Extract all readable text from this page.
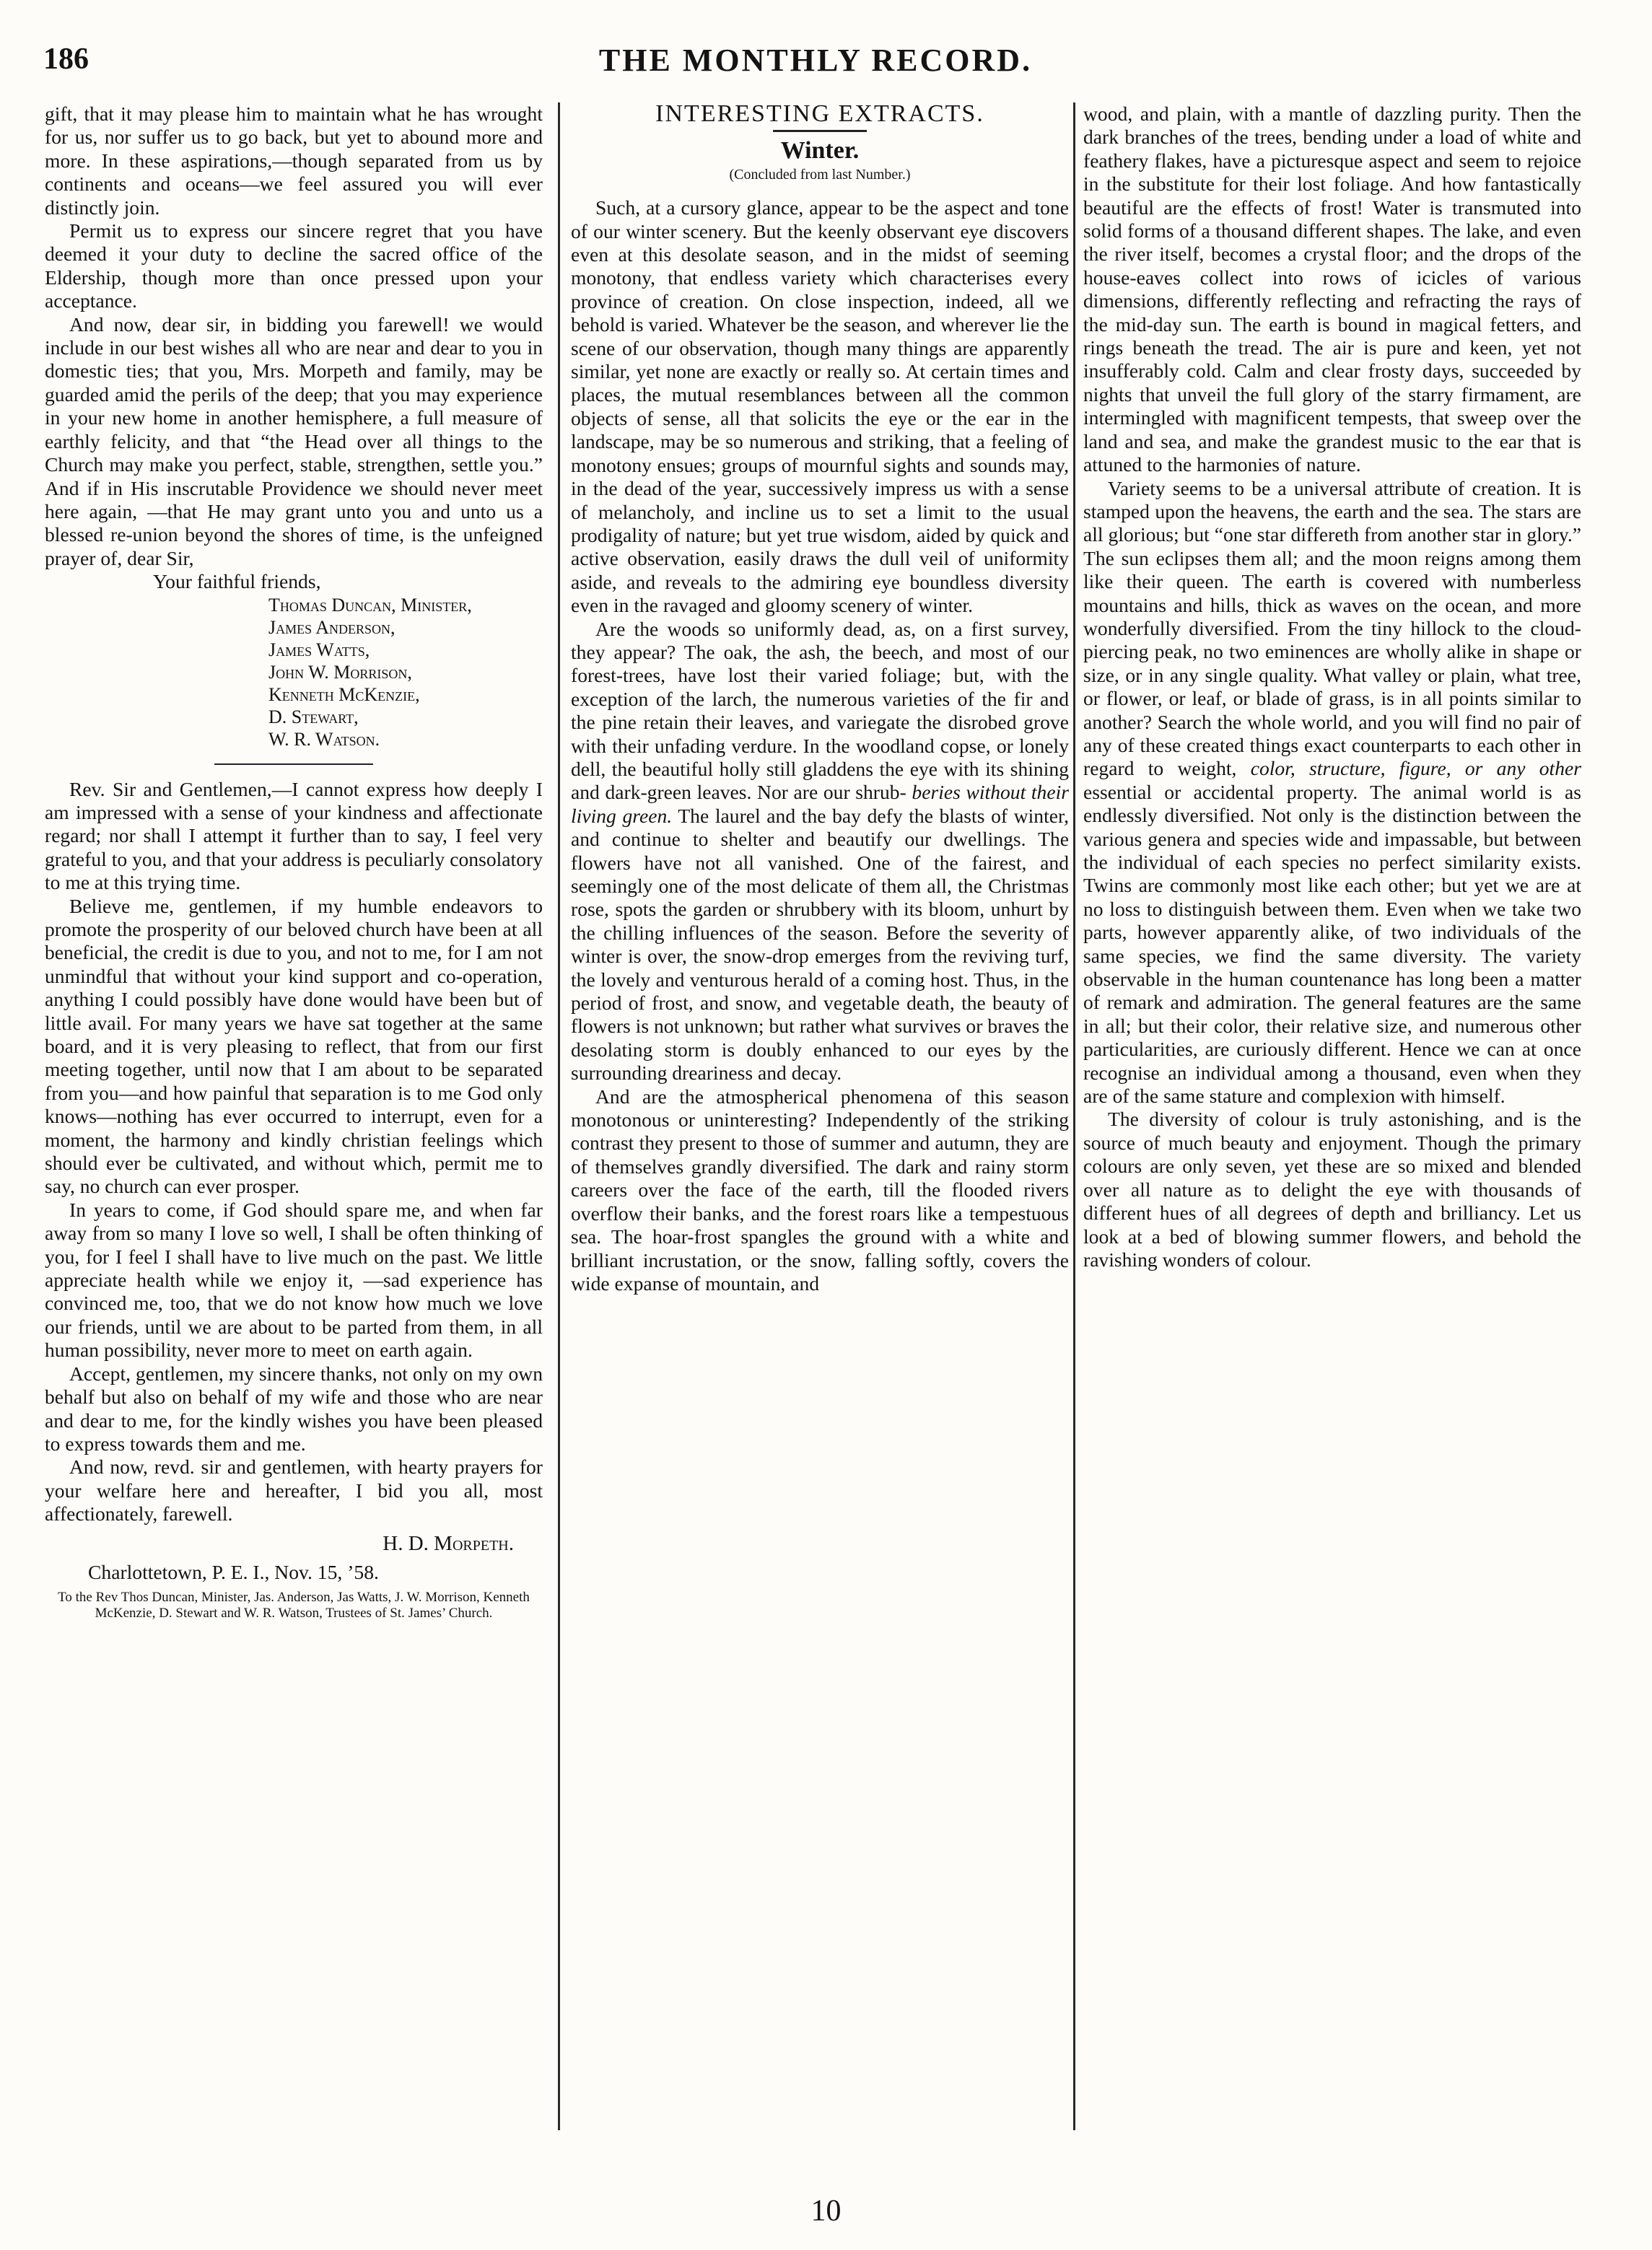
186	THE MONTHLY RECORD.

gift, that it may please him to maintain what he has wrought for us, nor suffer us to go back, but yet to abound more and more. In these aspirations,—though separated from us by continents and oceans—we feel assured you will ever distinctly join.

Permit us to express our sincere regret that you have deemed it your duty to decline the sacred office of the Eldership, though more than once pressed upon your acceptance.

And now, dear sir, in bidding you farewell! we would include in our best wishes all who are near and dear to you in domestic ties; that you, Mrs. Morpeth and family, may be guarded amid the perils of the deep; that you may experience in your new home in another hemisphere, a full measure of earthly felicity, and that “the Head over all things to the Church may make you perfect, stable, strengthen, settle you.” And if in His inscrutable Providence we should never meet here again, —that He may grant unto you and unto us a blessed re-union beyond the shores of time, is the unfeigned prayer of, dear Sir,

Your faithful friends,

Thomas Duncan, Minister,

James Anderson,

James Watts,

John W. Morrison,

Kenneth McKenzie,

D. Stewart,

W. R. Watson.

Rev. Sir and Gentlemen,—I cannot express how deeply I am impressed with a sense of your kindness and affectionate regard; nor shall I attempt it further than to say, I feel very grateful to you, and that your address is peculiarly consolatory to me at this trying time.

Believe me, gentlemen, if my humble endeavors to promote the prosperity of our beloved church have been at all beneficial, the credit is due to you, and not to me, for I am not unmindful that without your kind support and co-operation, anything I could possibly have done would have been but of little avail. For many years we have sat together at the same board, and it is very pleasing to reflect, that from our first meeting together, until now that I am about to be separated from you—and how painful that separation is to me God only knows—nothing has ever occurred to interrupt, even for a moment, the harmony and kindly christian feelings which should ever be cultivated, and without which, permit me to say, no church can ever prosper.

In years to come, if God should spare me, and when far away from so many I love so well, I shall be often thinking of you, for I feel I shall have to live much on the past. We little appreciate health while we enjoy it, —sad experience has convinced me, too, that we do not know how much we love our friends, until we are about to be parted from them, in all human possibility, never more to meet on earth again.

Accept, gentlemen, my sincere thanks, not only on my own behalf but also on behalf of my wife and those who are near and dear to me, for the kindly wishes you have been pleased to express towards them and me.

And now, revd. sir and gentlemen, with hearty prayers for your welfare here and hereafter, I bid you all, most affectionately, farewell.

H. D. Morpeth.

Charlottetown, P. E. I., Nov. 15, ’58.

To the Rev Thos Duncan, Minister, Jas. Anderson, Jas Watts, J. W. Morrison, Kenneth McKenzie, D. Stewart and W. R. Watson, Trustees of St. James’ Church.

INTERESTING EXTRACTS.
Winter.
(Concluded from last Number.)

Such, at a cursory glance, appear to be the aspect and tone of our winter scenery. But the keenly observant eye discovers even at this desolate season, and in the midst of seeming monotony, that endless variety which characterises every province of creation. On close inspection, indeed, all we behold is varied. Whatever be the season, and wherever lie the scene of our observation, though many things are apparently similar, yet none are exactly or really so. At certain times and places, the mutual resemblances between all the common objects of sense, all that solicits the eye or the ear in the landscape, may be so numerous and striking, that a feeling of monotony ensues; groups of mournful sights and sounds may, in the dead of the year, successively impress us with a sense of melancholy, and incline us to set a limit to the usual prodigality of nature; but yet true wisdom, aided by quick and active observation, easily draws the dull veil of uniformity aside, and reveals to the admiring eye boundless diversity even in the ravaged and gloomy scenery of winter.

Are the woods so uniformly dead, as, on a first survey, they appear? The oak, the ash, the beech, and most of our forest-trees, have lost their varied foliage; but, with the exception of the larch, the numerous varieties of the fir and the pine retain their leaves, and variegate the disrobed grove with their unfading verdure. In the woodland copse, or lonely dell, the beautiful holly still gladdens the eye with its shining and dark-green leaves. Nor are our shrub- beries without their living green. The laurel and the bay defy the blasts of winter, and continue to shelter and beautify our dwellings. The flowers have not all vanished. One of the fairest, and seemingly one of the most delicate of them all, the Christmas rose, spots the garden or shrubbery with its bloom, unhurt by the chilling influences of the season. Before the severity of winter is over, the snow-drop emerges from the reviving turf, the lovely and venturous herald of a coming host. Thus, in the period of frost, and snow, and vegetable death, the beauty of flowers is not unknown; but rather what survives or braves the desolating storm is doubly enhanced to our eyes by the surrounding dreariness and decay.

And are the atmospherical phenomena of this season monotonous or uninteresting? Independently of the striking contrast they present to those of summer and autumn, they are of themselves grandly diversified. The dark and rainy storm careers over the face of the earth, till the flooded rivers overflow their banks, and the forest roars like a tempestuous sea. The hoar-frost spangles the ground with a white and brilliant incrustation, or the snow, falling softly, covers the wide expanse of mountain, and

wood, and plain, with a mantle of dazzling purity. Then the dark branches of the trees, bending under a load of white and feathery flakes, have a picturesque aspect and seem to rejoice in the substitute for their lost foliage. And how fantastically beautiful are the effects of frost! Water is transmuted into solid forms of a thousand different shapes. The lake, and even the river itself, becomes a crystal floor; and the drops of the house-eaves collect into rows of icicles of various dimensions, differently reflecting and refracting the rays of the mid-day sun. The earth is bound in magical fetters, and rings beneath the tread. The air is pure and keen, yet not insufferably cold. Calm and clear frosty days, succeeded by nights that unveil the full glory of the starry firmament, are intermingled with magnificent tempests, that sweep over the land and sea, and make the grandest music to the ear that is attuned to the harmonies of nature.

Variety seems to be a universal attribute of creation. It is stamped upon the heavens, the earth and the sea. The stars are all glorious; but “one star differeth from another star in glory.” The sun eclipses them all; and the moon reigns among them like their queen. The earth is covered with numberless mountains and hills, thick as waves on the ocean, and more wonderfully diversified. From the tiny hillock to the cloud-piercing peak, no two eminences are wholly alike in shape or size, or in any single quality. What valley or plain, what tree, or flower, or leaf, or blade of grass, is in all points similar to another? Search the whole world, and you will find no pair of any of these created things exact counterparts to each other in regard to weight, color, structure, figure, or any other essential or accidental property. The animal world is as endlessly diversified. Not only is the distinction between the various genera and species wide and impassable, but between the individual of each species no perfect similarity exists. Twins are commonly most like each other; but yet we are at no loss to distinguish between them. Even when we take two parts, however apparently alike, of two individuals of the same species, we find the same diversity. The variety observable in the human countenance has long been a matter of remark and admiration. The general features are the same in all; but their color, their relative size, and numerous other particularities, are curiously different. Hence we can at once recognise an individual among a thousand, even when they are of the same stature and complexion with himself.

The diversity of colour is truly astonishing, and is the source of much beauty and enjoyment. Though the primary colours are only seven, yet these are so mixed and blended over all nature as to delight the eye with thousands of different hues of all degrees of depth and brilliancy. Let us look at a bed of blowing summer flowers, and behold the ravishing wonders of colour.

10
